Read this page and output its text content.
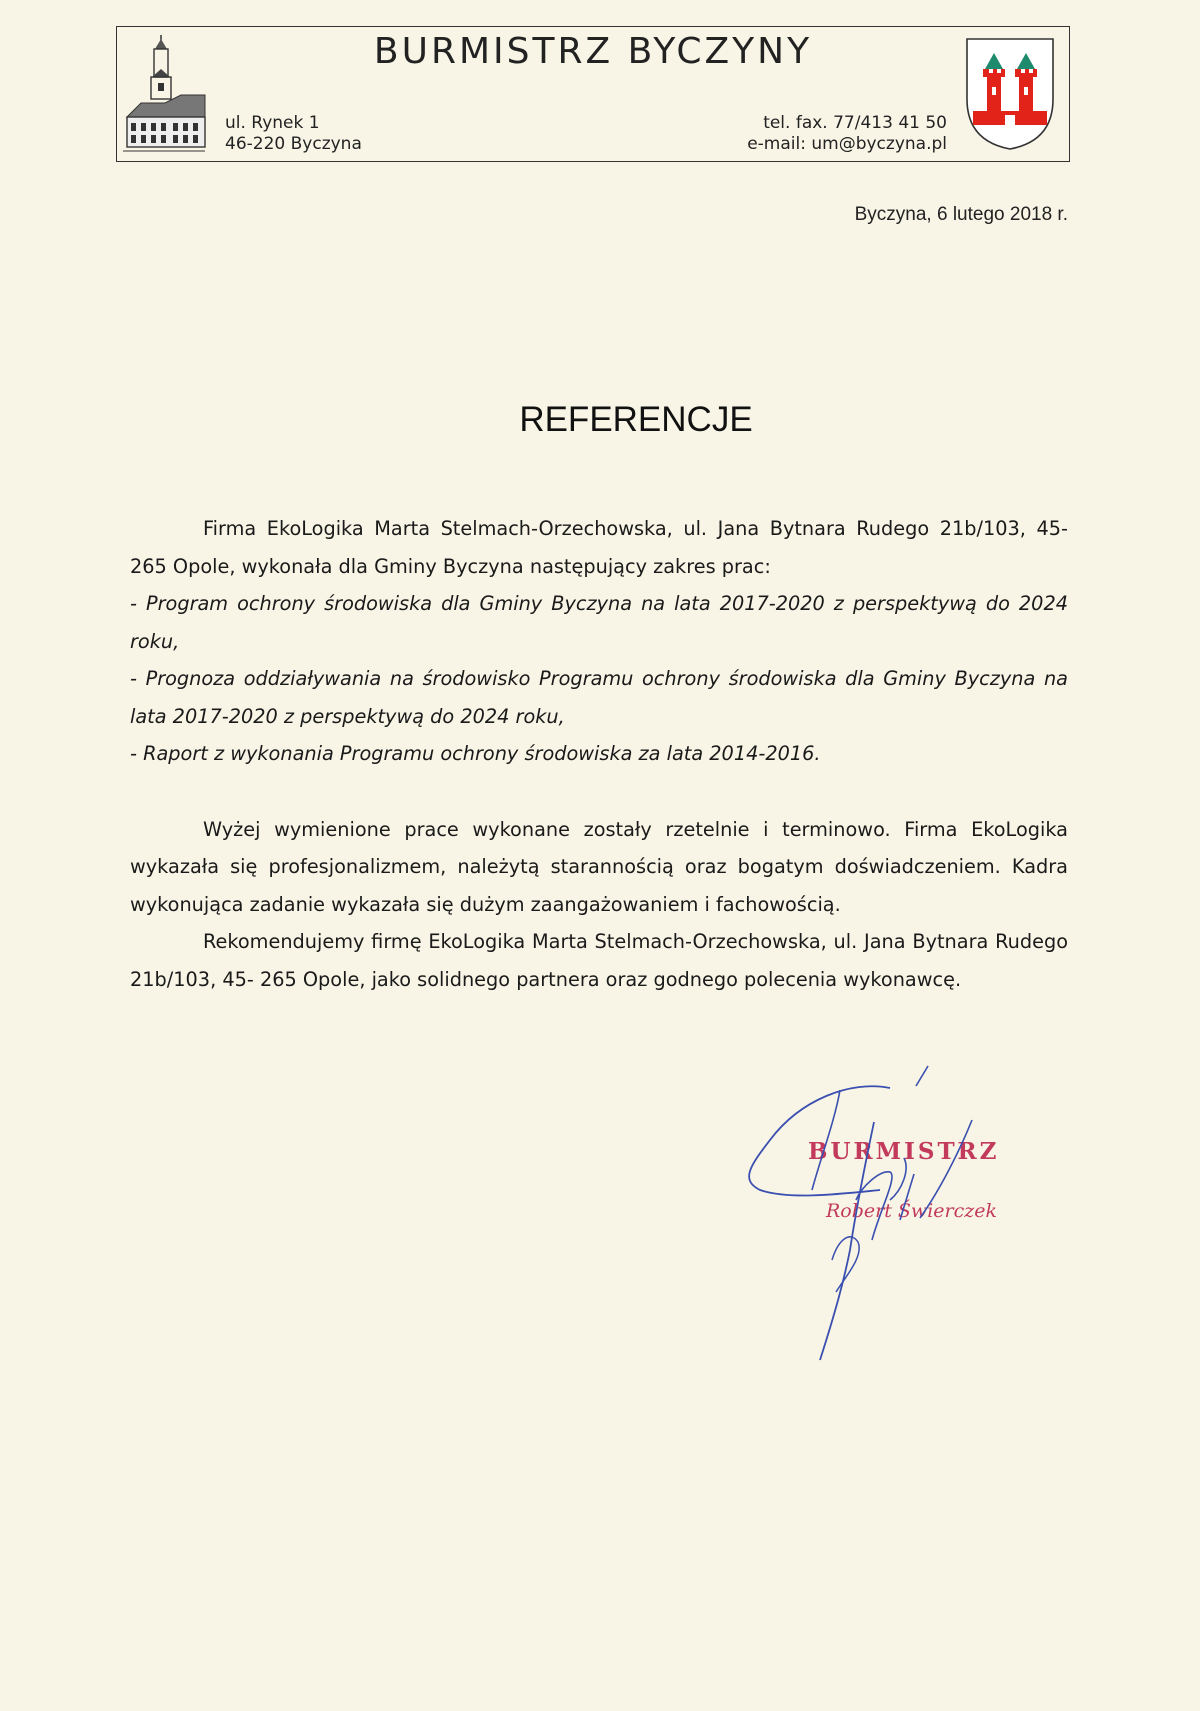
BURMISTRZ BYCZYNY
ul. Rynek 1
46-220 Byczyna
tel. fax. 77/413 41 50
e-mail: um@byczyna.pl
Byczyna, 6 lutego 2018 r.
REFERENCJE

Firma EkoLogika Marta Stelmach-Orzechowska, ul. Jana Bytnara Rudego 21b/103, 45- 265 Opole, wykonała dla Gminy Byczyna następujący zakres prac:

- Program ochrony środowiska dla Gminy Byczyna na lata 2017-2020 z perspektywą do 2024 roku,

- Prognoza oddziaływania na środowisko Programu ochrony środowiska dla Gminy Byczyna na lata 2017-2020 z perspektywą do 2024 roku,

- Raport z wykonania Programu ochrony środowiska za lata 2014-2016.

Wyżej wymienione prace wykonane zostały rzetelnie i terminowo. Firma EkoLogika wykazała się profesjonalizmem, należytą starannością oraz bogatym doświadczeniem. Kadra wykonująca zadanie wykazała się dużym zaangażowaniem i fachowością.

Rekomendujemy firmę EkoLogika Marta Stelmach-Orzechowska, ul. Jana Bytnara Rudego 21b/103, 45- 265 Opole, jako solidnego partnera oraz godnego polecenia wykonawcę.

BURMISTRZ
Robert Świerczek
